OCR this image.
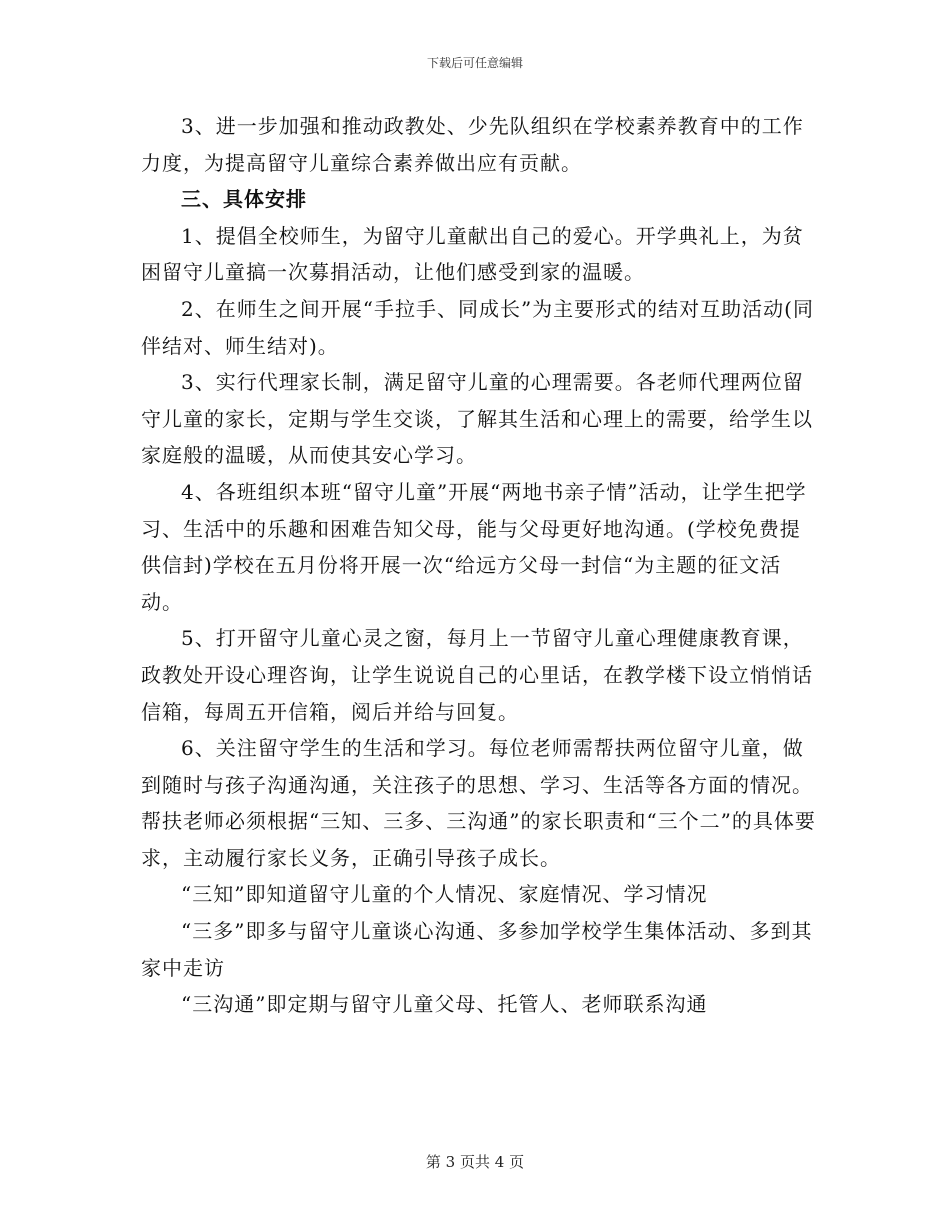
下载后可任意编辑

3、进一步加强和推动政教处、少先队组织在学校素养教育中的工作力度，为提高留守儿童综合素养做出应有贡献。

三、具体安排

1、提倡全校师生，为留守儿童献出自己的爱心。开学典礼上，为贫困留守儿童搞一次募捐活动，让他们感受到家的温暖。

2、在师生之间开展“手拉手、同成长”为主要形式的结对互助活动(同伴结对、师生结对)。

3、实行代理家长制，满足留守儿童的心理需要。各老师代理两位留守儿童的家长，定期与学生交谈，了解其生活和心理上的需要，给学生以家庭般的温暖，从而使其安心学习。

4、各班组织本班“留守儿童”开展“两地书亲子情”活动，让学生把学习、生活中的乐趣和困难告知父母，能与父母更好地沟通。(学校免费提供信封)学校在五月份将开展一次“给远方父母一封信“为主题的征文活动。

5、打开留守儿童心灵之窗，每月上一节留守儿童心理健康教育课，政教处开设心理咨询，让学生说说自己的心里话，在教学楼下设立悄悄话信箱，每周五开信箱，阅后并给与回复。

6、关注留守学生的生活和学习。每位老师需帮扶两位留守儿童，做到随时与孩子沟通沟通，关注孩子的思想、学习、生活等各方面的情况。帮扶老师必须根据“三知、三多、三沟通”的家长职责和“三个二”的具体要求，主动履行家长义务，正确引导孩子成长。

“三知”即知道留守儿童的个人情况、家庭情况、学习情况

“三多”即多与留守儿童谈心沟通、多参加学校学生集体活动、多到其家中走访

“三沟通”即定期与留守儿童父母、托管人、老师联系沟通

第 3 页共 4 页
